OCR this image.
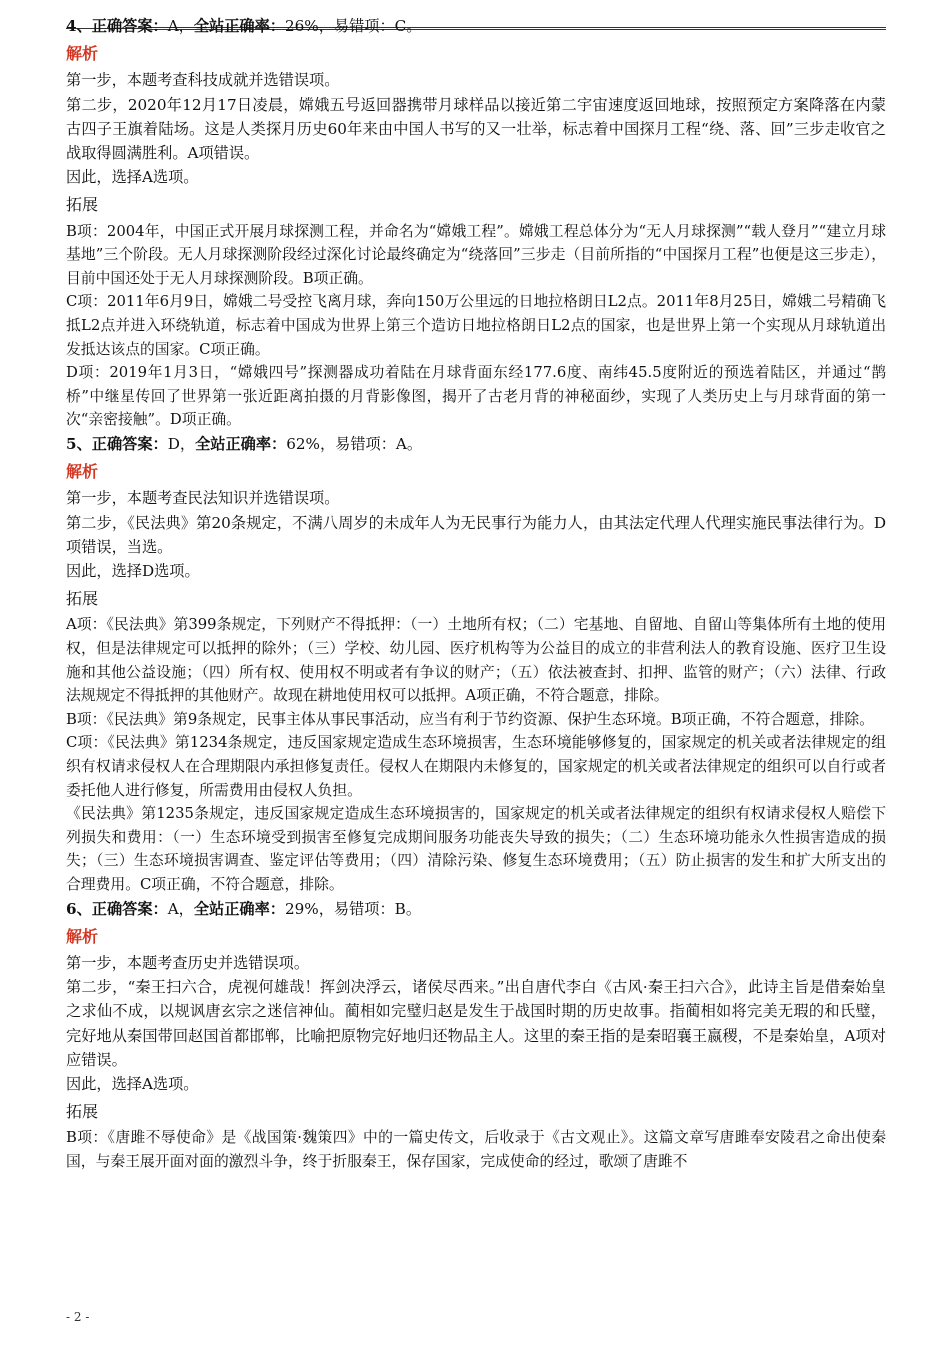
4、正确答案：A，全站正确率：26%，易错项：C。
解析

第一步，本题考查科技成就并选错误项。

第二步，2020年12月17日凌晨，嫦娥五号返回器携带月球样品以接近第二宇宙速度返回地球，按照预定方案降落在内蒙古四子王旗着陆场。这是人类探月历史60年来由中国人书写的又一壮举，标志着中国探月工程“绕、落、回”三步走收官之战取得圆满胜利。A项错误。

因此，选择A选项。

拓展

B项：2004年，中国正式开展月球探测工程，并命名为“嫦娥工程”。嫦娥工程总体分为“无人月球探测”“载人登月”“建立月球基地”三个阶段。无人月球探测阶段经过深化讨论最终确定为“绕落回”三步走（目前所指的“中国探月工程”也便是这三步走），目前中国还处于无人月球探测阶段。B项正确。

C项：2011年6月9日，嫦娥二号受控飞离月球，奔向150万公里远的日地拉格朗日L2点。2011年8月25日，嫦娥二号精确飞抵L2点并进入环绕轨道，标志着中国成为世界上第三个造访日地拉格朗日L2点的国家，也是世界上第一个实现从月球轨道出发抵达该点的国家。C项正确。

D项：2019年1月3日，“嫦娥四号”探测器成功着陆在月球背面东经177.6度、南纬45.5度附近的预选着陆区，并通过“鹊桥”中继星传回了世界第一张近距离拍摄的月背影像图，揭开了古老月背的神秘面纱，实现了人类历史上与月球背面的第一次“亲密接触”。D项正确。

5、正确答案：D，全站正确率：62%，易错项：A。
解析

第一步，本题考查民法知识并选错误项。

第二步，《民法典》第20条规定，不满八周岁的未成年人为无民事行为能力人，由其法定代理人代理实施民事法律行为。D项错误，当选。

因此，选择D选项。

拓展

A项：《民法典》第399条规定，下列财产不得抵押：（一）土地所有权；（二）宅基地、自留地、自留山等集体所有土地的使用权，但是法律规定可以抵押的除外；（三）学校、幼儿园、医疗机构等为公益目的成立的非营利法人的教育设施、医疗卫生设施和其他公益设施；（四）所有权、使用权不明或者有争议的财产；（五）依法被查封、扣押、监管的财产；（六）法律、行政法规规定不得抵押的其他财产。故现在耕地使用权可以抵押。A项正确，不符合题意，排除。

B项：《民法典》第9条规定，民事主体从事民事活动，应当有利于节约资源、保护生态环境。B项正确，不符合题意，排除。

C项：《民法典》第1234条规定，违反国家规定造成生态环境损害，生态环境能够修复的，国家规定的机关或者法律规定的组织有权请求侵权人在合理期限内承担修复责任。侵权人在期限内未修复的，国家规定的机关或者法律规定的组织可以自行或者委托他人进行修复，所需费用由侵权人负担。

《民法典》第1235条规定，违反国家规定造成生态环境损害的，国家规定的机关或者法律规定的组织有权请求侵权人赔偿下列损失和费用：（一）生态环境受到损害至修复完成期间服务功能丧失导致的损失；（二）生态环境功能永久性损害造成的损失；（三）生态环境损害调查、鉴定评估等费用；（四）清除污染、修复生态环境费用；（五）防止损害的发生和扩大所支出的合理费用。C项正确，不符合题意，排除。

6、正确答案：A，全站正确率：29%，易错项：B。
解析

第一步，本题考查历史并选错误项。

第二步，“秦王扫六合，虎视何雄哉！挥剑决浮云，诸侯尽西来。”出自唐代李白《古风·秦王扫六合》，此诗主旨是借秦始皇之求仙不成，以规讽唐玄宗之迷信神仙。蔺相如完璧归赵是发生于战国时期的历史故事。指蔺相如将完美无瑕的和氏璧，完好地从秦国带回赵国首都邯郸，比喻把原物完好地归还物品主人。这里的秦王指的是秦昭襄王嬴稷，不是秦始皇，A项对应错误。

因此，选择A选项。

拓展

B项：《唐雎不辱使命》是《战国策·魏策四》中的一篇史传文，后收录于《古文观止》。这篇文章写唐雎奉安陵君之命出使秦国，与秦王展开面对面的激烈斗争，终于折服秦王，保存国家，完成使命的经过，歌颂了唐雎不

- 2 -
